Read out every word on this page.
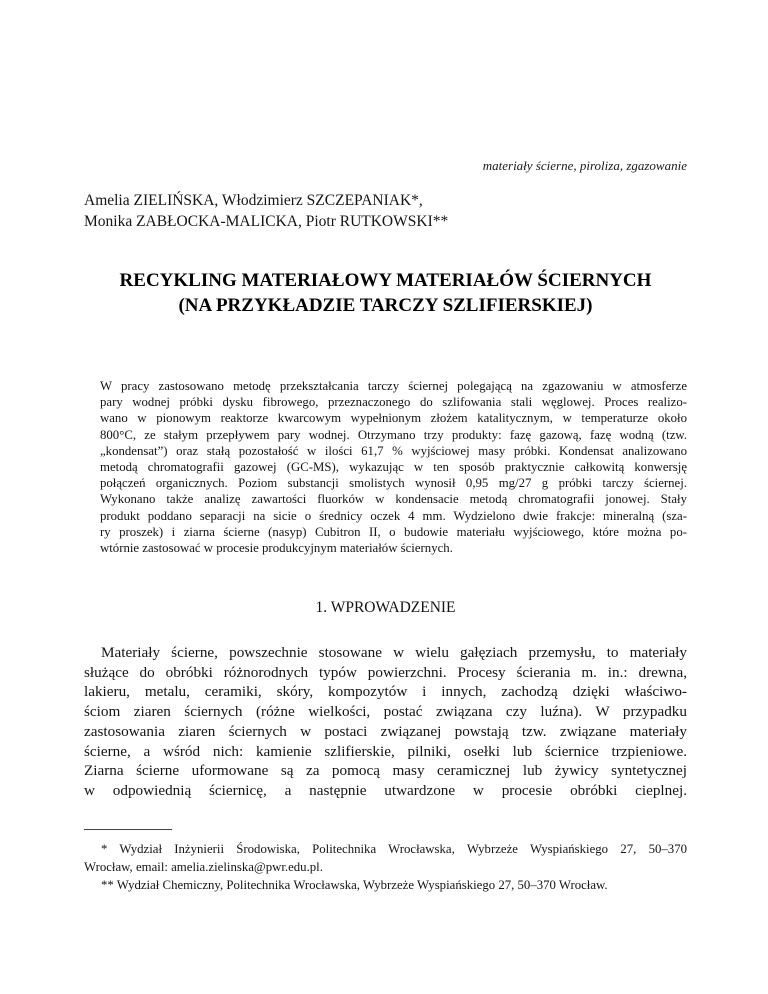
materiały ścierne, piroliza, zgazowanie
Amelia ZIELIŃSKA, Włodzimierz SZCZEPANIAK*,
Monika ZABŁOCKA-MALICKA, Piotr RUTKOWSKI**
RECYKLING MATERIAŁOWY MATERIAŁÓW ŚCIERNYCH
(NA PRZYKŁADZIE TARCZY SZLIFIERSKIEJ)
W pracy zastosowano metodę przekształcania tarczy ściernej polegającą na zgazowaniu w atmosferze
pary wodnej próbki dysku fibrowego, przeznaczonego do szlifowania stali węglowej. Proces realizo-
wano w pionowym reaktorze kwarcowym wypełnionym złożem katalitycznym, w temperaturze około
800°C, ze stałym przepływem pary wodnej. Otrzymano trzy produkty: fazę gazową, fazę wodną (tzw.
„kondensat”) oraz stałą pozostałość w ilości 61,7 % wyjściowej masy próbki. Kondensat analizowano
metodą chromatografii gazowej (GC-MS), wykazując w ten sposób praktycznie całkowitą konwersję
połączeń organicznych. Poziom substancji smolistych wynosił 0,95 mg/27 g próbki tarczy ściernej.
Wykonano także analizę zawartości fluorków w kondensacie metodą chromatografii jonowej. Stały
produkt poddano separacji na sicie o średnicy oczek 4 mm. Wydzielono dwie frakcje: mineralną (sza-
ry proszek) i ziarna ścierne (nasyp) Cubitron II, o budowie materiału wyjściowego, które można po-
wtórnie zastosować w procesie produkcyjnym materiałów ściernych.
1. WPROWADZENIE
Materiały ścierne, powszechnie stosowane w wielu gałęziach przemysłu, to materiały
służące do obróbki różnorodnych typów powierzchni. Procesy ścierania m. in.: drewna,
lakieru, metalu, ceramiki, skóry, kompozytów i innych, zachodzą dzięki właściwo-
ściom ziaren ściernych (różne wielkości, postać związana czy luźna). W przypadku
zastosowania ziaren ściernych w postaci związanej powstają tzw. związane materiały
ścierne, a wśród nich: kamienie szlifierskie, pilniki, osełki lub ściernice trzpieniowe.
Ziarna ścierne uformowane są za pomocą masy ceramicznej lub żywicy syntetycznej
w odpowiednią ściernicę, a następnie utwardzone w procesie obróbki cieplnej.
* Wydział Inżynierii Środowiska, Politechnika Wrocławska, Wybrzeże Wyspiańskiego 27, 50–370
Wrocław, email: amelia.zielinska@pwr.edu.pl.
** Wydział Chemiczny, Politechnika Wrocławska, Wybrzeże Wyspiańskiego 27, 50–370 Wrocław.
